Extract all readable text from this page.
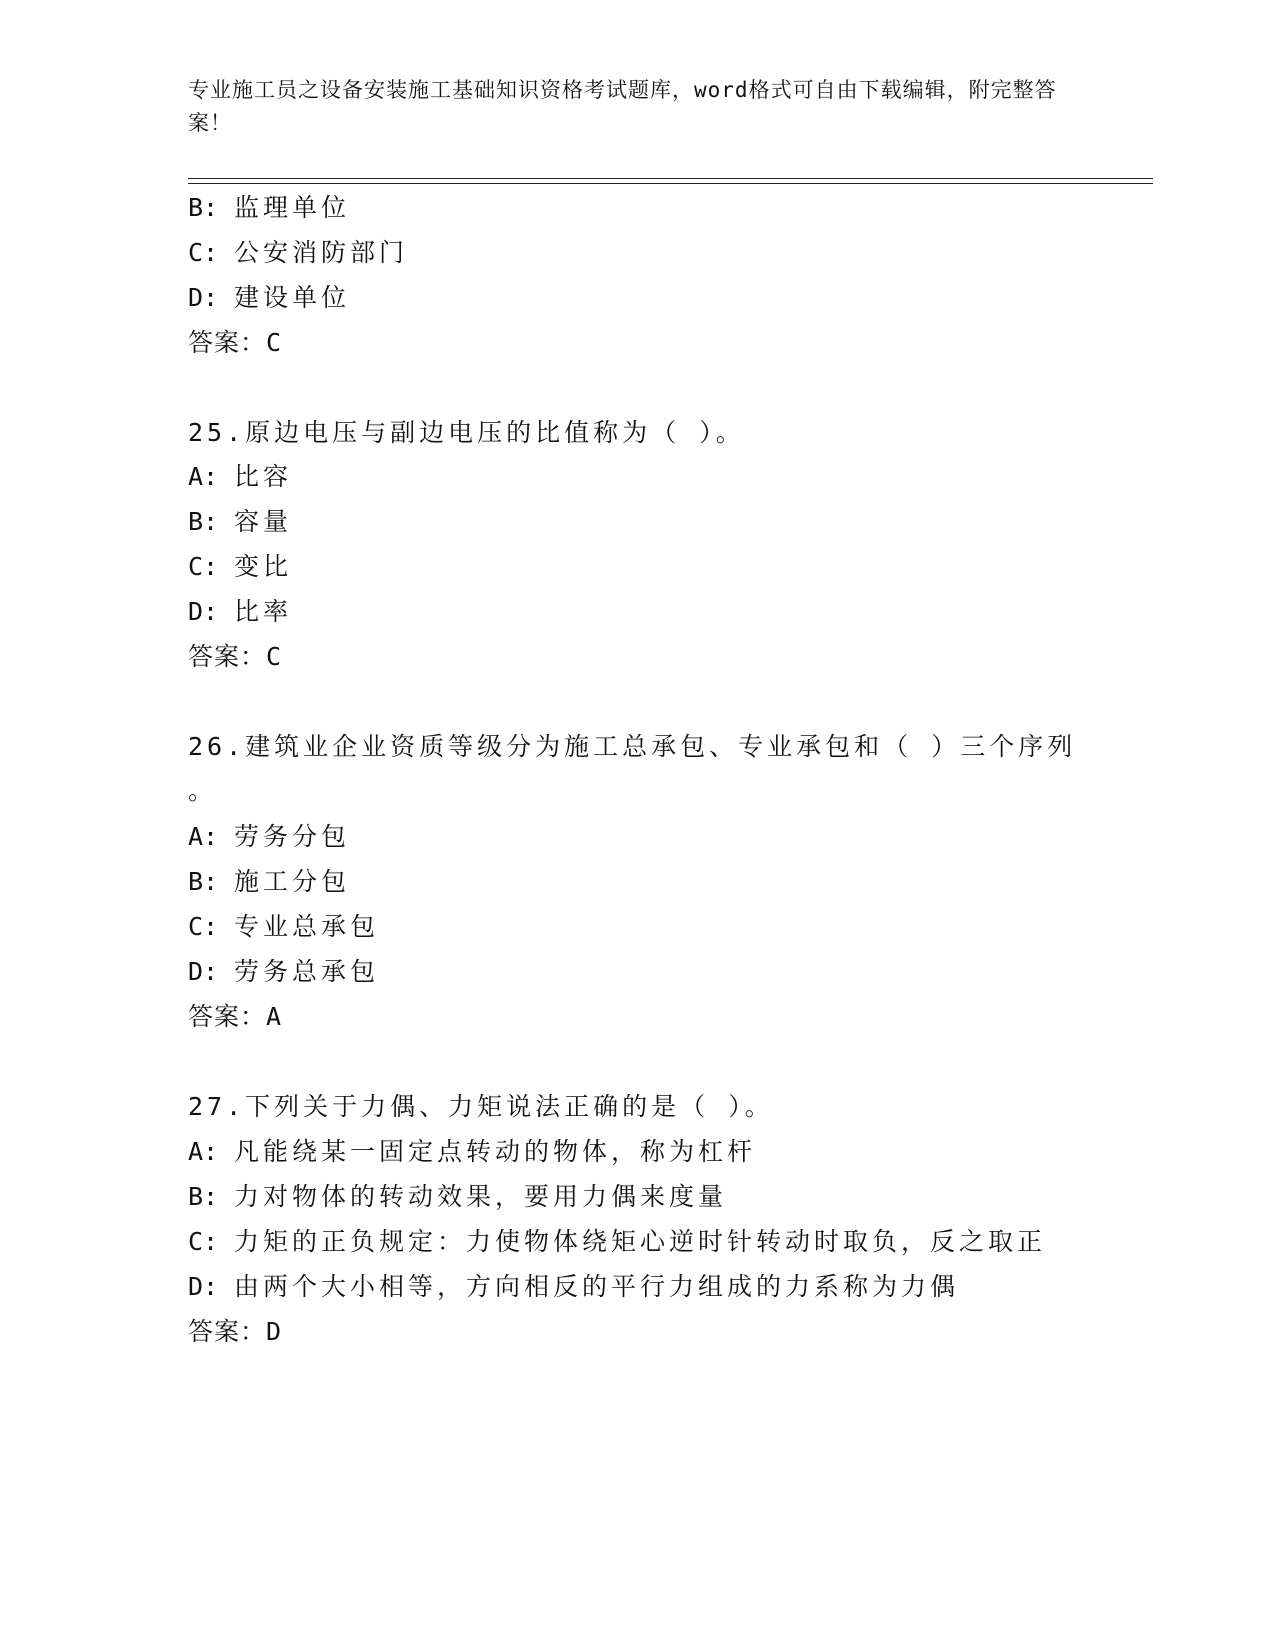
专业施工员之设备安装施工基础知识资格考试题库，word格式可自由下载编辑，附完整答案！
B: 监理单位
C: 公安消防部门
D: 建设单位
答案：C
25.原边电压与副边电压的比值称为（ ）。
A: 比容
B: 容量
C: 变比
D: 比率
答案：C
26.建筑业企业资质等级分为施工总承包、专业承包和（ ）三个序列
。
A: 劳务分包
B: 施工分包
C: 专业总承包
D: 劳务总承包
答案：A
27.下列关于力偶、力矩说法正确的是（ ）。
A: 凡能绕某一固定点转动的物体，称为杠杆
B: 力对物体的转动效果，要用力偶来度量
C: 力矩的正负规定：力使物体绕矩心逆时针转动时取负，反之取正
D: 由两个大小相等，方向相反的平行力组成的力系称为力偶
答案：D
